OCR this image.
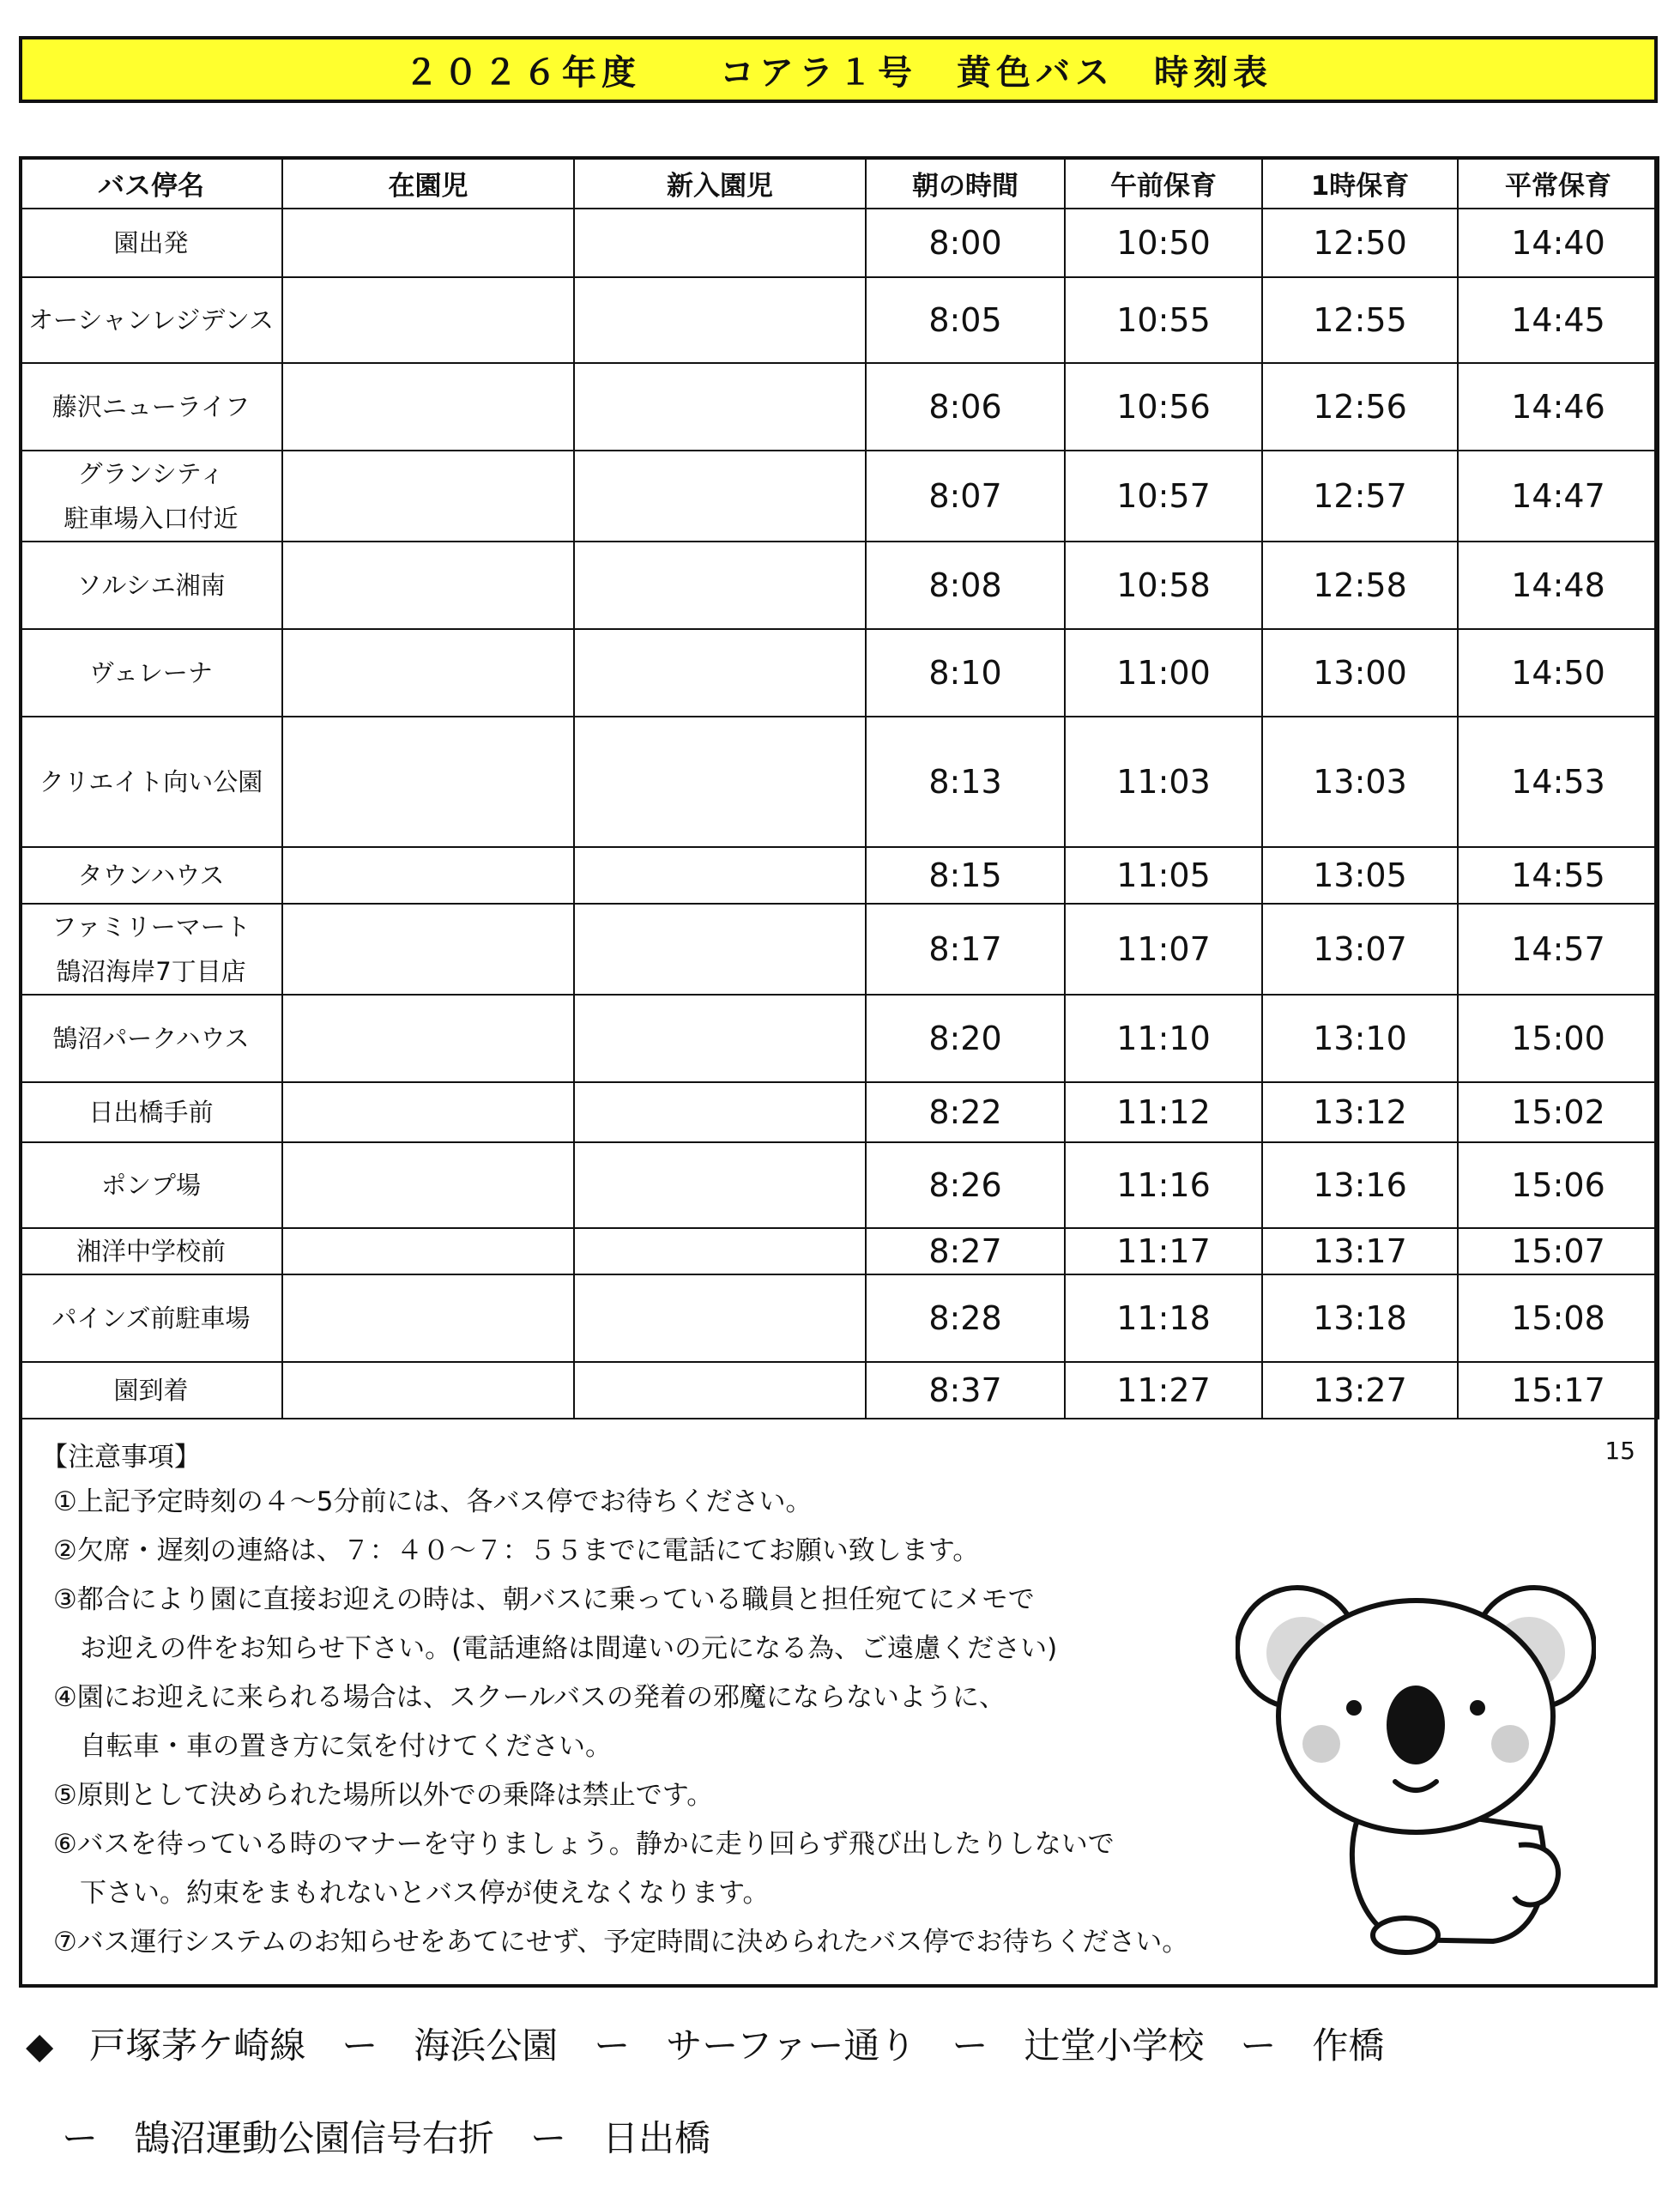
２０２６年度　　コアラ１号　黄色バス　時刻表
バス停名	在園児	新入園児	朝の時間	午前保育	1時保育	平常保育
園出発			8:00	10:50	12:50	14:40
オーシャンレジデンス			8:05	10:55	12:55	14:45
藤沢ニューライフ			8:06	10:56	12:56	14:46
グランシティ
駐車場入口付近			8:07	10:57	12:57	14:47
ソルシエ湘南			8:08	10:58	12:58	14:48
ヴェレーナ			8:10	11:00	13:00	14:50
クリエイト向い公園			8:13	11:03	13:03	14:53
タウンハウス			8:15	11:05	13:05	14:55
ファミリーマート
鵠沼海岸7丁目店			8:17	11:07	13:07	14:57
鵠沼パークハウス			8:20	11:10	13:10	15:00
日出橋手前			8:22	11:12	13:12	15:02
ポンプ場			8:26	11:16	13:16	15:06
湘洋中学校前			8:27	11:17	13:17	15:07
パインズ前駐車場			8:28	11:18	13:18	15:08
園到着			8:37	11:27	13:27	15:17
【注意事項】	15
①上記予定時刻の４〜5分前には、各バス停でお待ちください。
②欠席・遅刻の連絡は、７：４０〜７：５５までに電話にてお願い致します。
③都合により園に直接お迎えの時は、朝バスに乗っている職員と担任宛てにメモで
　お迎えの件をお知らせ下さい。(電話連絡は間違いの元になる為、ご遠慮ください)
④園にお迎えに来られる場合は、スクールバスの発着の邪魔にならないように、
　自転車・車の置き方に気を付けてください。
⑤原則として決められた場所以外での乗降は禁止です。
⑥バスを待っている時のマナーを守りましょう。静かに走り回らず飛び出したりしないで
　下さい。約束をまもれないとバス停が使えなくなります。
⑦バス運行システムのお知らせをあてにせず、予定時間に決められたバス停でお待ちください。
◆　戸塚茅ケ崎線　ー　海浜公園　ー　サーファー通り　ー　辻堂小学校　ー　作橋
　ー　鵠沼運動公園信号右折　ー　日出橋
